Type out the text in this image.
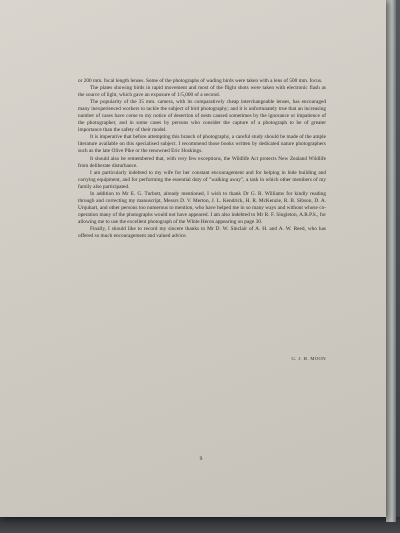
or 200 mm. focal length lenses. Some of the photographs of wading birds were taken with a lens of 500 mm. focus.

The plates showing birds in rapid movement and most of the flight shots were taken with electronic flash as the source of light, which gave an exposure of 1/5,000 of a second.

The popularity of the 35 mm. camera, with its comparatively cheap interchangeable lenses, has encouraged many inexperienced workers to tackle the subject of bird photography; and it is unfortunately true that an increasing number of cases have come to my notice of desertion of nests caused sometimes by the ignorance or impatience of the photographer, and in some cases by persons who consider the capture of a photograph to be of greater importance than the safety of their model.

It is imperative that before attempting this branch of photography, a careful study should be made of the ample literature available on this specialised subject. I recommend those books written by dedicated nature photographers such as the late Olive Pike or the renowned Eric Hoskings.

It should also be remembered that, with very few exceptions, the Wildlife Act protects New Zealand Wildlife from deliberate disturbance.

I am particularly indebted to my wife for her constant encouragement and for helping in hide building and carrying equipment, and for performing the essential duty of "walking away", a task in which other members of my family also participated.

In addition to Mr E. G. Turbott, already mentioned, I wish to thank Dr G. R. Williams for kindly reading through and correcting my manuscript, Messrs D. V. Merton, J. L. Kendrick, H. R. McKenzie, R. B. Sibson, D. A. Urquhart, and other persons too numerous to mention, who have helped me in so many ways and without whose co-operation many of the photographs would not have appeared. I am also indebted to Mr R. F. Singleton, A.R.P.S., for allowing me to use the excellent photograph of the White Heron appearing on page 30.

Finally, I should like to record my sincere thanks to Mr D. W. Sinclair of A. H. and A. W. Reed, who has offered so much encouragement and valued advice.

G. J. H. MOON
9
